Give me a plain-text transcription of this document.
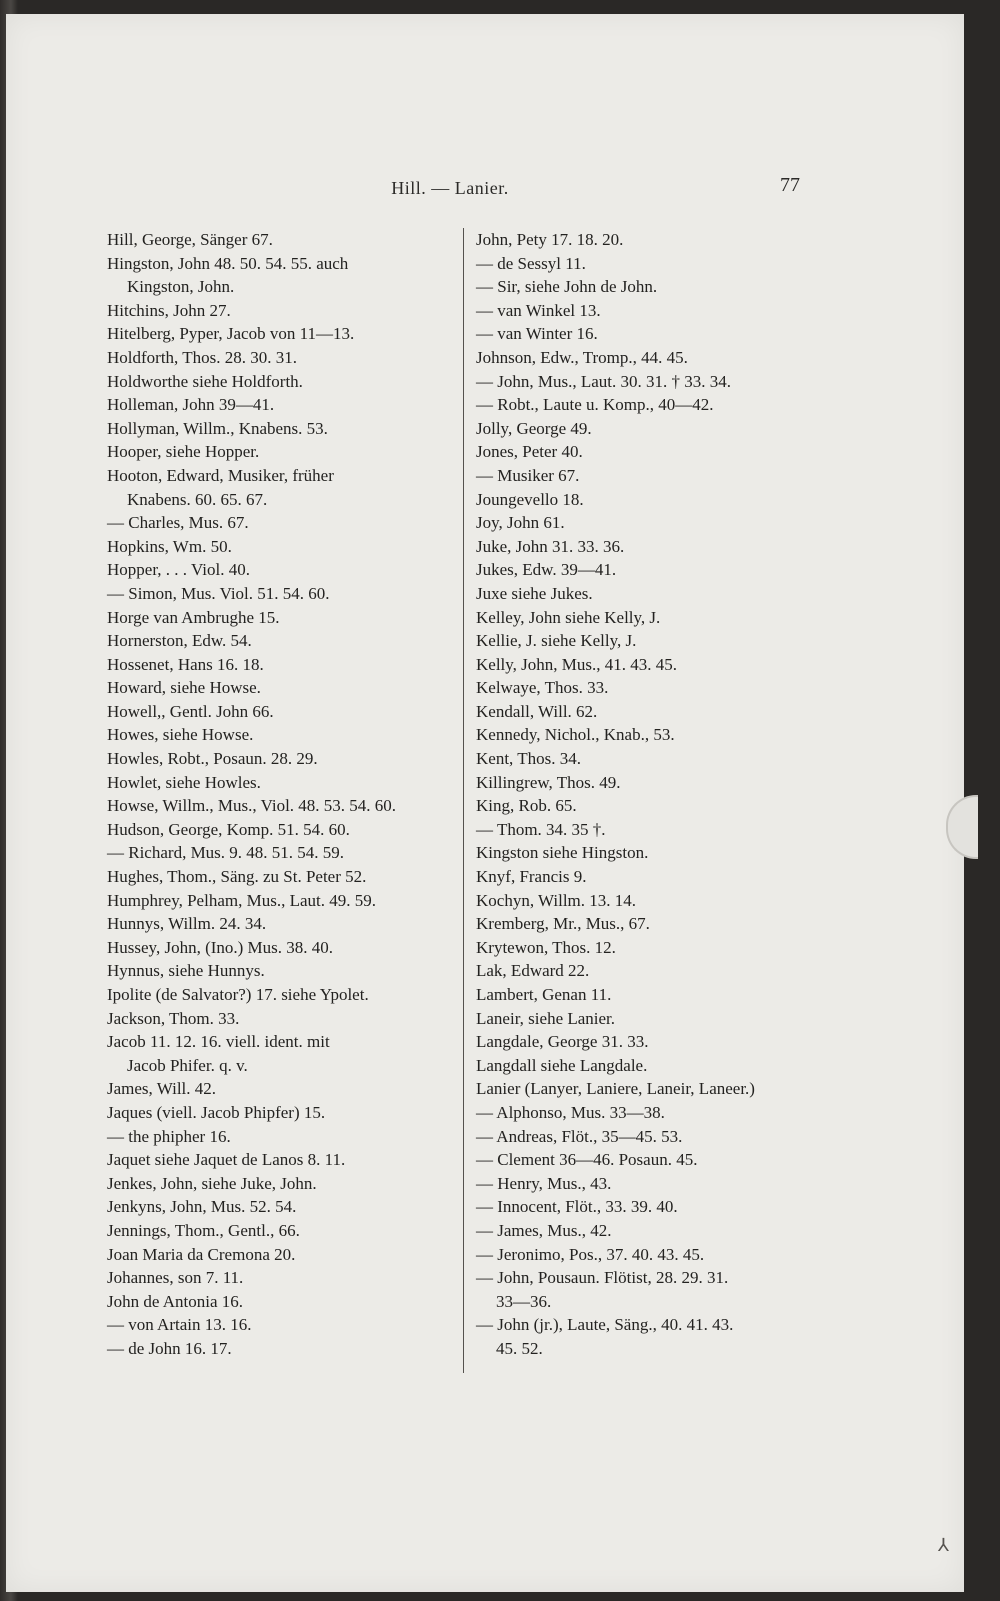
Hill. — Lanier.	77
Hill, George, Sänger 67.
Hingston, John 48. 50. 54. 55. auch
Kingston, John.
Hitchins, John 27.
Hitelberg, Pyper, Jacob von 11—13.
Holdforth, Thos. 28. 30. 31.
Holdworthe siehe Holdforth.
Holleman, John 39—41.
Hollyman, Willm., Knabens. 53.
Hooper, siehe Hopper.
Hooton, Edward, Musiker, früher
Knabens. 60. 65. 67.
— Charles, Mus. 67.
Hopkins, Wm. 50.
Hopper, . . . Viol. 40.
— Simon, Mus. Viol. 51. 54. 60.
Horge van Ambrughe 15.
Hornerston, Edw. 54.
Hossenet, Hans 16. 18.
Howard, siehe Howse.
Howell,, Gentl. John 66.
Howes, siehe Howse.
Howles, Robt., Posaun. 28. 29.
Howlet, siehe Howles.
Howse, Willm., Mus., Viol. 48. 53. 54. 60.
Hudson, George, Komp. 51. 54. 60.
— Richard, Mus. 9. 48. 51. 54. 59.
Hughes, Thom., Säng. zu St. Peter 52.
Humphrey, Pelham, Mus., Laut. 49. 59.
Hunnys, Willm. 24. 34.
Hussey, John, (Ino.) Mus. 38. 40.
Hynnus, siehe Hunnys.
Ipolite (de Salvator?) 17. siehe Ypolet.
Jackson, Thom. 33.
Jacob 11. 12. 16. viell. ident. mit
Jacob Phifer. q. v.
James, Will. 42.
Jaques (viell. Jacob Phipfer) 15.
— the phipher 16.
Jaquet siehe Jaquet de Lanos 8. 11.
Jenkes, John, siehe Juke, John.
Jenkyns, John, Mus. 52. 54.
Jennings, Thom., Gentl., 66.
Joan Maria da Cremona 20.
Johannes, son 7. 11.
John de Antonia 16.
— von Artain 13. 16.
— de John 16. 17.
John, Pety 17. 18. 20.
— de Sessyl 11.
— Sir, siehe John de John.
— van Winkel 13.
— van Winter 16.
Johnson, Edw., Tromp., 44. 45.
— John, Mus., Laut. 30. 31. † 33. 34.
— Robt., Laute u. Komp., 40—42.
Jolly, George 49.
Jones, Peter 40.
— Musiker 67.
Joungevello 18.
Joy, John 61.
Juke, John 31. 33. 36.
Jukes, Edw. 39—41.
Juxe siehe Jukes.
Kelley, John siehe Kelly, J.
Kellie, J. siehe Kelly, J.
Kelly, John, Mus., 41. 43. 45.
Kelwaye, Thos. 33.
Kendall, Will. 62.
Kennedy, Nichol., Knab., 53.
Kent, Thos. 34.
Killingrew, Thos. 49.
King, Rob. 65.
— Thom. 34. 35 †.
Kingston siehe Hingston.
Knyf, Francis 9.
Kochyn, Willm. 13. 14.
Kremberg, Mr., Mus., 67.
Krytewon, Thos. 12.
Lak, Edward 22.
Lambert, Genan 11.
Laneir, siehe Lanier.
Langdale, George 31. 33.
Langdall siehe Langdale.
Lanier (Lanyer, Laniere, Laneir, Laneer.)
— Alphonso, Mus. 33—38.
— Andreas, Flöt., 35—45. 53.
— Clement 36—46. Posaun. 45.
— Henry, Mus., 43.
— Innocent, Flöt., 33. 39. 40.
— James, Mus., 42.
— Jeronimo, Pos., 37. 40. 43. 45.
— John, Pousaun. Flötist, 28. 29. 31.
33—36.
— John (jr.), Laute, Säng., 40. 41. 43.
45. 52.
⅄
